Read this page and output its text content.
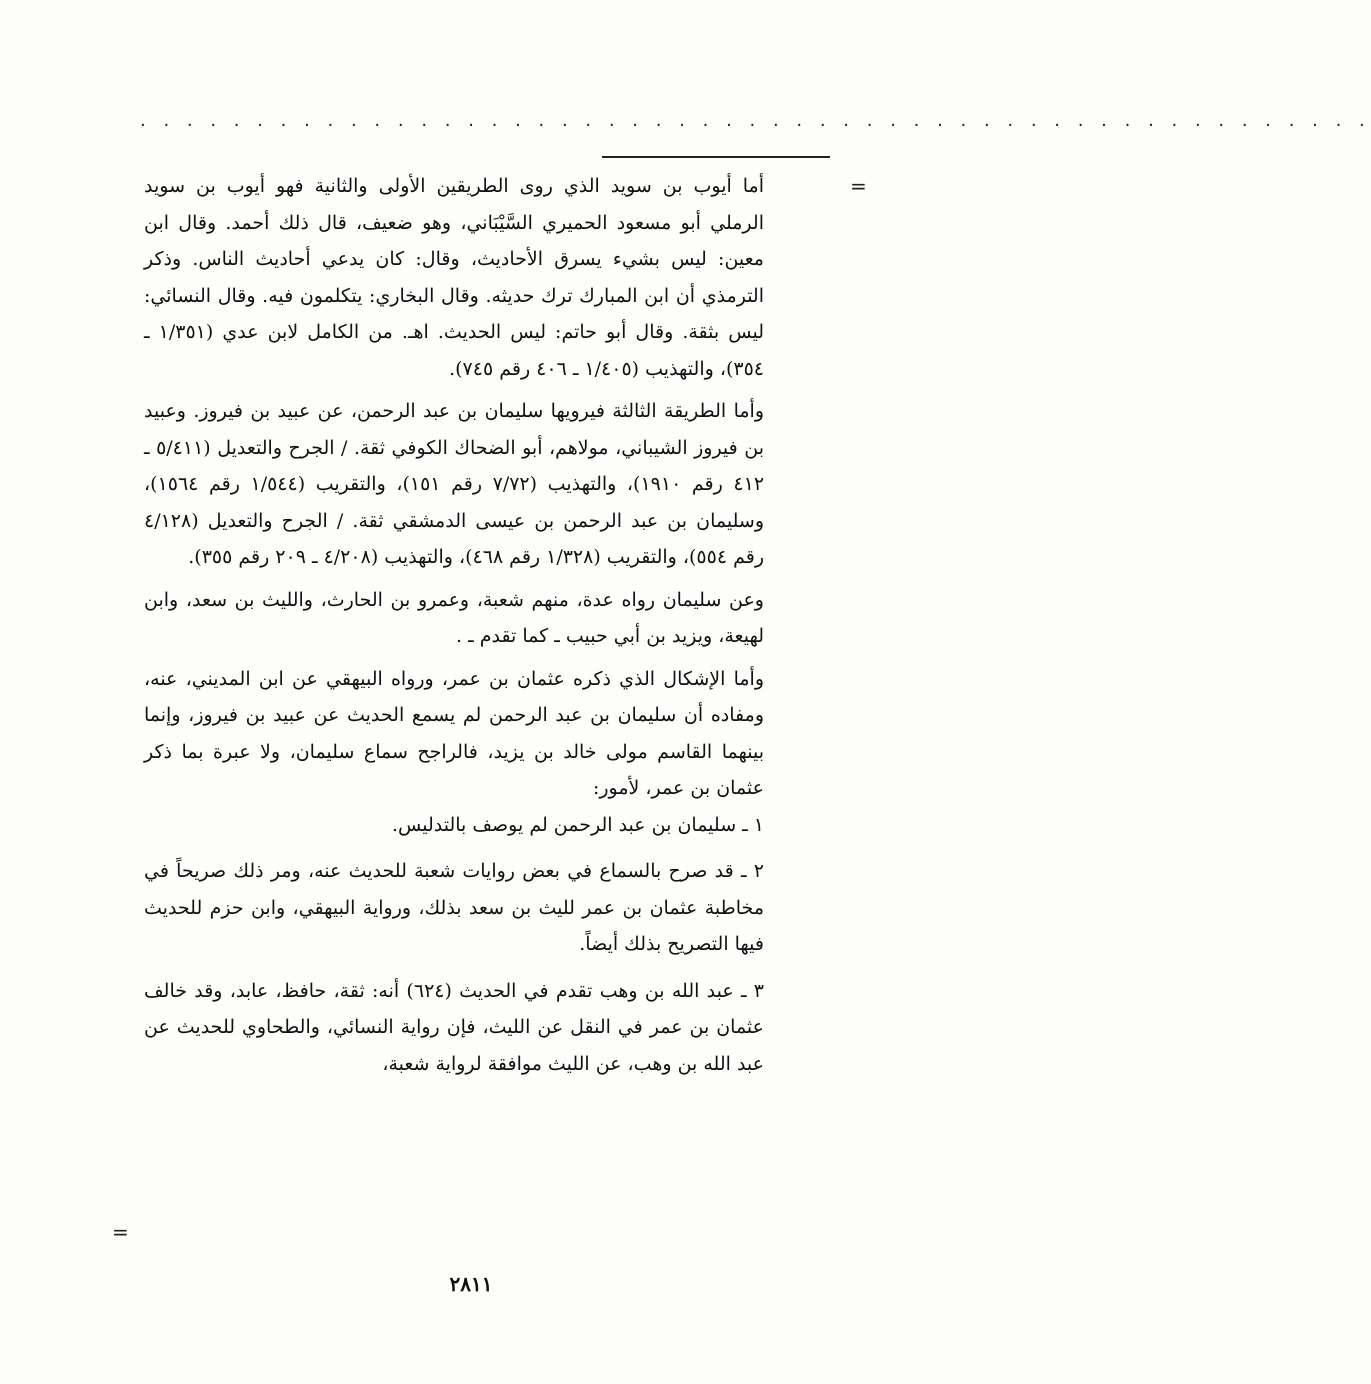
. . . . . . . . . . . . . . . . . . . . . . . . . . . . . . . . . . . . . . . . . . . . . . . . . . . . .
=

أما أيوب بن سويد الذي روى الطريقين الأولى والثانية فهو أيوب بن سويد الرملي أبو مسعود الحميري السَّيْبَاني، وهو ضعيف، قال ذلك أحمد. وقال ابن معين: ليس بشيء يسرق الأحاديث، وقال: كان يدعي أحاديث الناس. وذكر الترمذي أن ابن المبارك ترك حديثه. وقال البخاري: يتكلمون فيه. وقال النسائي: ليس بثقة. وقال أبو حاتم: ليس الحديث. اهـ. من الكامل لابن عدي (١/٣٥١ ـ ٣٥٤)، والتهذيب (١/٤٠٥ ـ ٤٠٦ رقم ٧٤٥).

وأما الطريقة الثالثة فيرويها سليمان بن عبد الرحمن، عن عبيد بن فيروز. وعبيد بن فيروز الشيباني، مولاهم، أبو الضحاك الكوفي ثقة. / الجرح والتعديل (٥/٤١١ ـ ٤١٢ رقم ١٩١٠)، والتهذيب (٧/٧٢ رقم ١٥١)، والتقريب (١/٥٤٤ رقم ١٥٦٤)، وسليمان بن عبد الرحمن بن عيسى الدمشقي ثقة. / الجرح والتعديل (٤/١٢٨ رقم ٥٥٤)، والتقريب (١/٣٢٨ رقم ٤٦٨)، والتهذيب (٤/٢٠٨ ـ ٢٠٩ رقم ٣٥٥).

وعن سليمان رواه عدة، منهم شعبة، وعمرو بن الحارث، والليث بن سعد، وابن لهيعة، ويزيد بن أبي حبيب ـ كما تقدم ـ .

وأما الإشكال الذي ذكره عثمان بن عمر، ورواه البيهقي عن ابن المديني، عنه، ومفاده أن سليمان بن عبد الرحمن لم يسمع الحديث عن عبيد بن فيروز، وإنما بينهما القاسم مولى خالد بن يزيد، فالراجح سماع سليمان، ولا عبرة بما ذكر عثمان بن عمر، لأمور:

١ ـ سليمان بن عبد الرحمن لم يوصف بالتدليس.

٢ ـ قد صرح بالسماع في بعض روايات شعبة للحديث عنه، ومر ذلك صريحاً في مخاطبة عثمان بن عمر لليث بن سعد بذلك، ورواية البيهقي، وابن حزم للحديث فيها التصريح بذلك أيضاً.

٣ ـ عبد الله بن وهب تقدم في الحديث (٦٢٤) أنه: ثقة، حافظ، عابد، وقد خالف عثمان بن عمر في النقل عن الليث، فإن رواية النسائي، والطحاوي للحديث عن عبد الله بن وهب، عن الليث موافقة لرواية شعبة،

=
٢٨١١
